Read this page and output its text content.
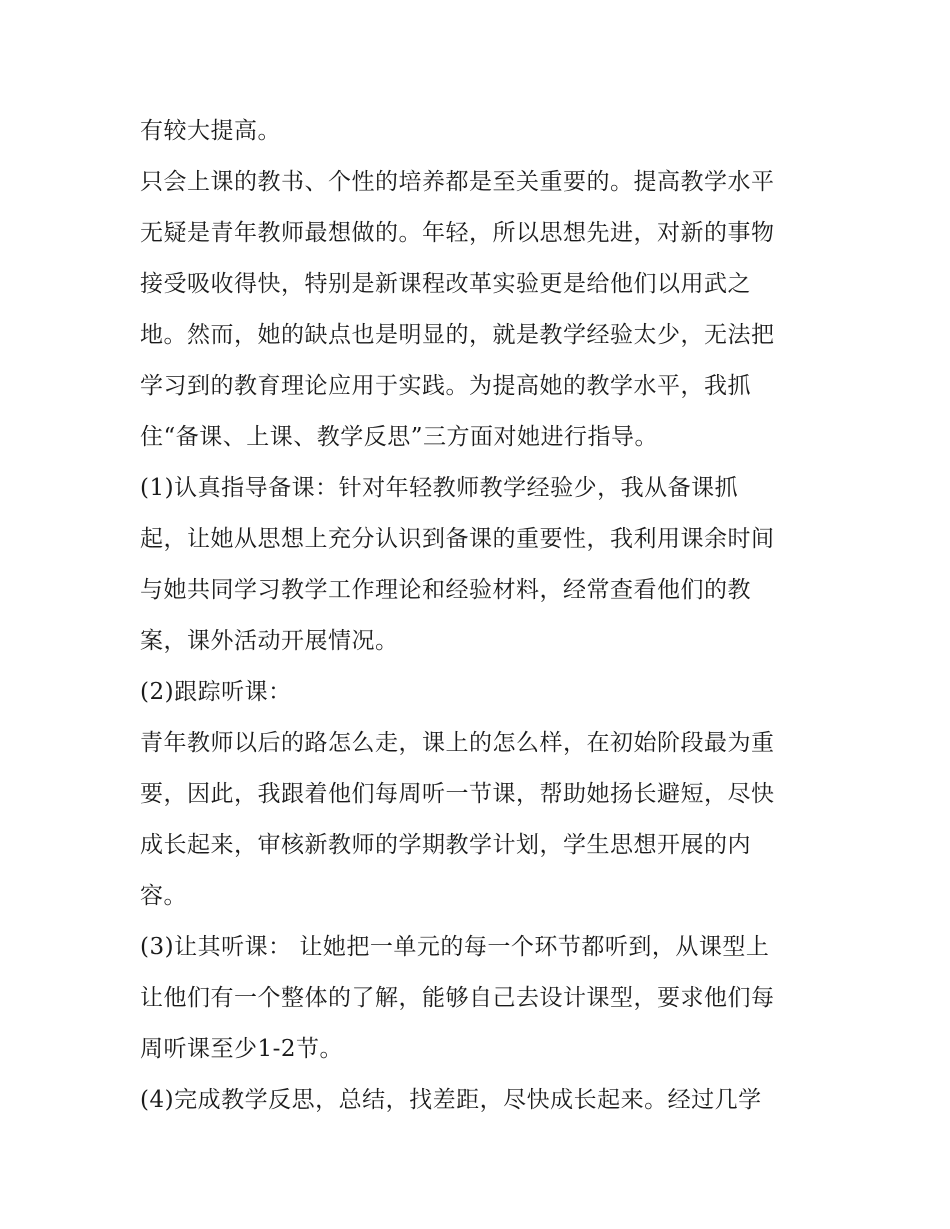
有较大提高。
只会上课的教书、个性的培养都是至关重要的。提高教学水平
无疑是青年教师最想做的。年轻，所以思想先进，对新的事物
接受吸收得快，特别是新课程改革实验更是给他们以用武之
地。然而，她的缺点也是明显的，就是教学经验太少，无法把
学习到的教育理论应用于实践。为提高她的教学水平，我抓
住“备课、上课、教学反思”三方面对她进行指导。
(1)认真指导备课：针对年轻教师教学经验少，我从备课抓
起，让她从思想上充分认识到备课的重要性，我利用课余时间
与她共同学习教学工作理论和经验材料，经常查看他们的教
案，课外活动开展情况。
(2)跟踪听课：
青年教师以后的路怎么走，课上的怎么样，在初始阶段最为重
要，因此，我跟着他们每周听一节课，帮助她扬长避短，尽快
成长起来，审核新教师的学期教学计划，学生思想开展的内
容。
(3)让其听课： 让她把一单元的每一个环节都听到，从课型上
让他们有一个整体的了解，能够自己去设计课型，要求他们每
周听课至少1-2节。
(4)完成教学反思，总结，找差距，尽快成长起来。经过几学
